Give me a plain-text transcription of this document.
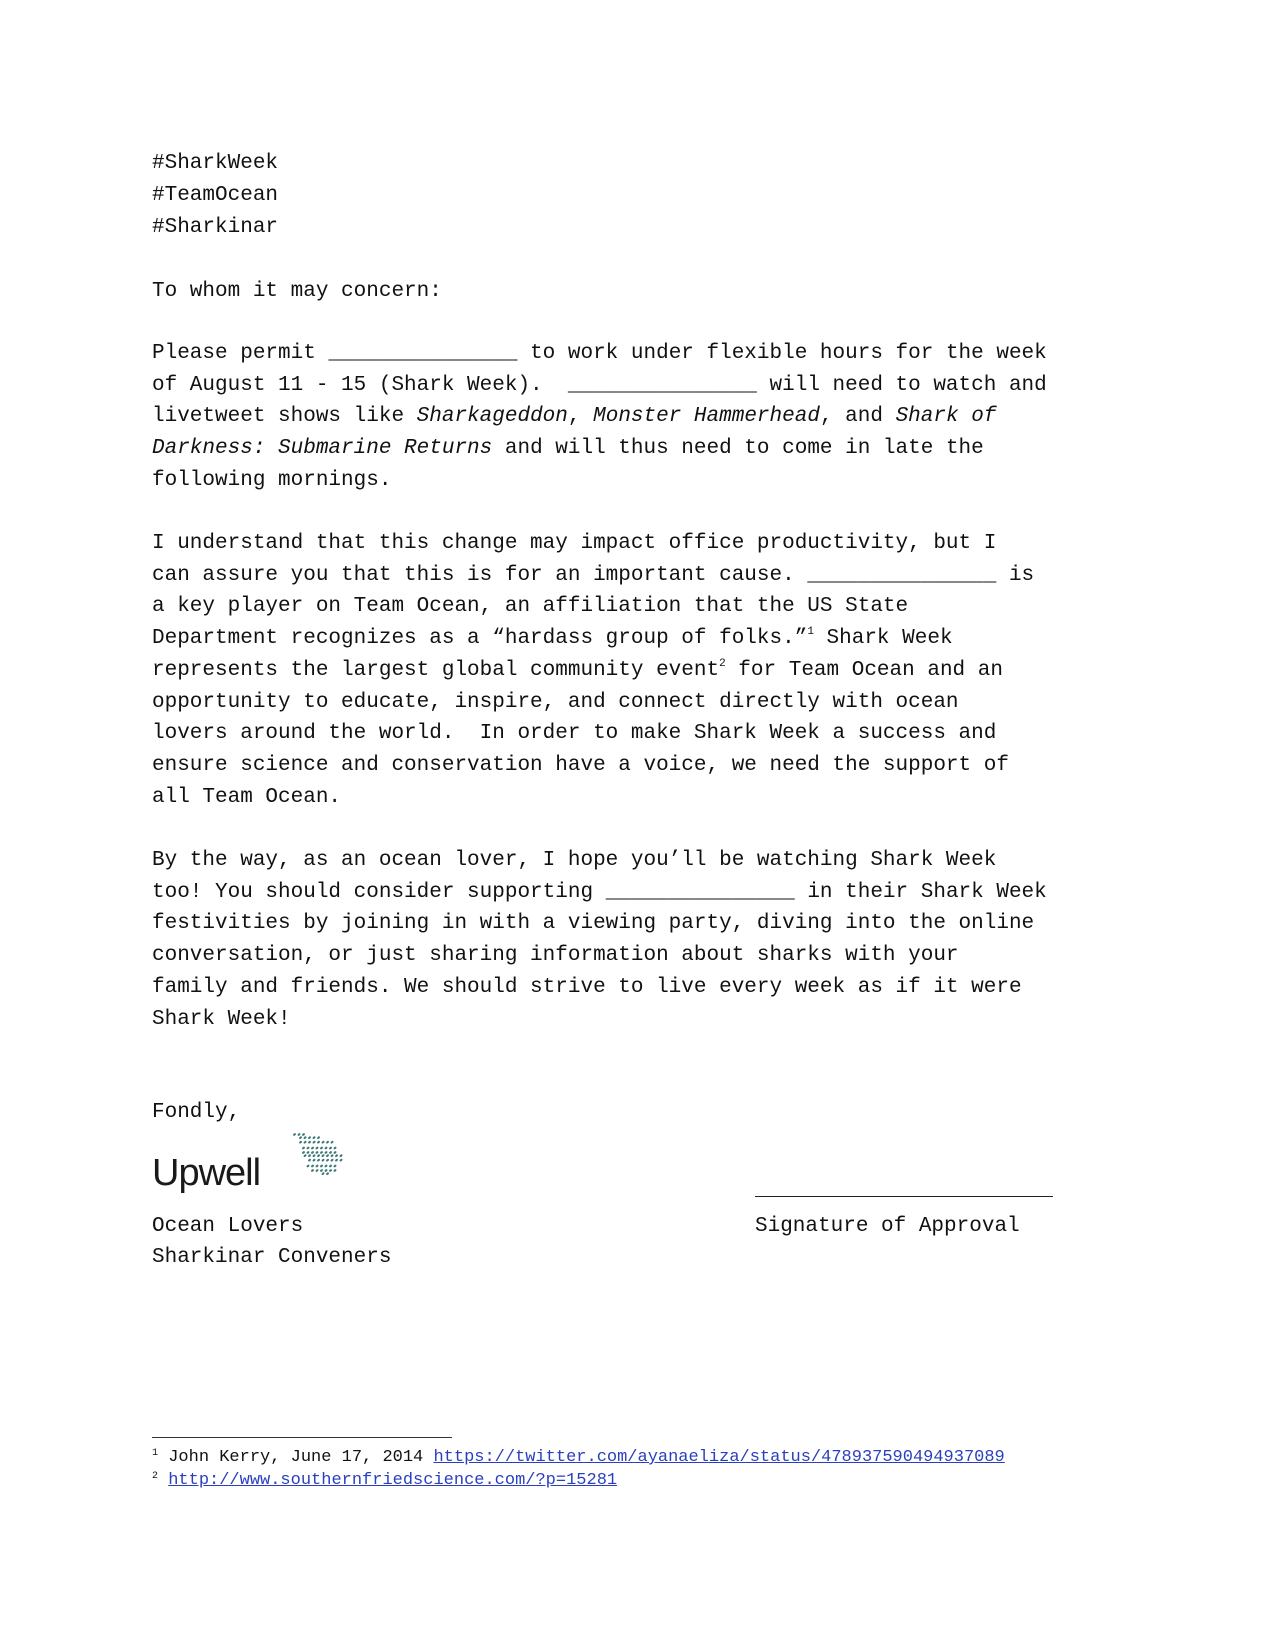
#SharkWeek
#TeamOcean
#Sharkinar
To whom it may concern:
Please permit _______________ to work under flexible hours for the week
of August 11 - 15 (Shark Week).  _______________ will need to watch and
livetweet shows like Sharkageddon, Monster Hammerhead, and Shark of
Darkness: Submarine Returns and will thus need to come in late the
following mornings.
I understand that this change may impact office productivity, but I
can assure you that this is for an important cause. _______________ is
a key player on Team Ocean, an affiliation that the US State
Department recognizes as a “hardass group of folks.”$^1$ Shark Week
represents the largest global community event$^2$ for Team Ocean and an
opportunity to educate, inspire, and connect directly with ocean
lovers around the world.  In order to make Shark Week a success and
ensure science and conservation have a voice, we need the support of
all Team Ocean.
By the way, as an ocean lover, I hope you’ll be watching Shark Week
too! You should consider supporting _______________ in their Shark Week
festivities by joining in with a viewing party, diving into the online
conversation, or just sharing information about sharks with your
family and friends. We should strive to live every week as if it were
Shark Week!
Fondly,
Upwell
Ocean Lovers
Sharkinar Conveners
Signature of Approval
$^1$ John Kerry, June 17, 2014 https://twitter.com/ayanaeliza/status/478937590494937089
$^2$ http://www.southernfriedscience.com/?p=15281
